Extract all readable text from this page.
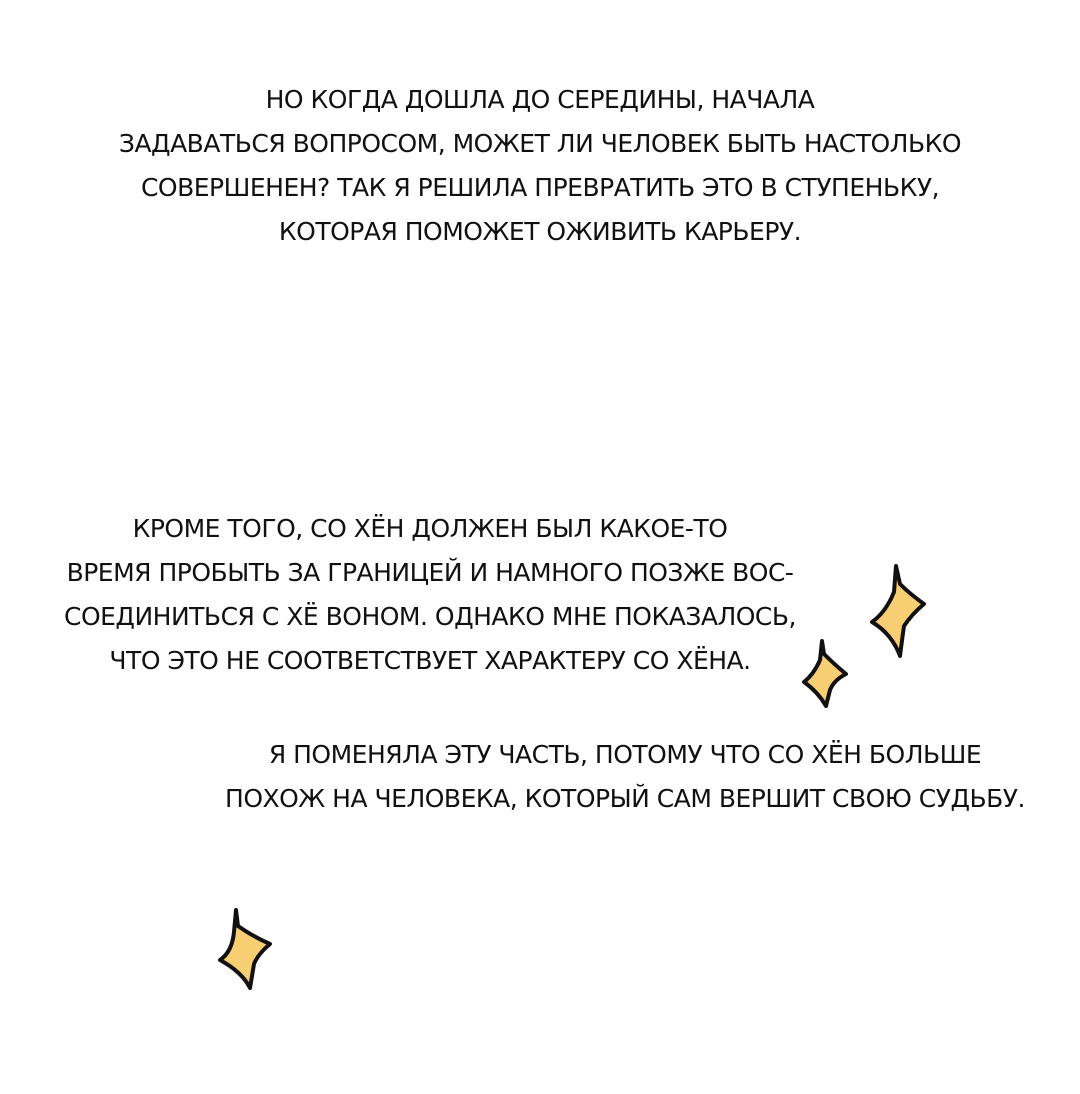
НО КОГДА ДОШЛА ДО СЕРЕДИНЫ, НАЧАЛА
ЗАДАВАТЬСЯ ВОПРОСОМ, МОЖЕТ ЛИ ЧЕЛОВЕК БЫТЬ НАСТОЛЬКО
СОВЕРШЕНЕН? ТАК Я РЕШИЛА ПРЕВРАТИТЬ ЭТО В СТУПЕНЬКУ,
КОТОРАЯ ПОМОЖЕТ ОЖИВИТЬ КАРЬЕРУ.
КРОМЕ ТОГО, СО ХЁН ДОЛЖЕН БЫЛ КАКОЕ-ТО
ВРЕМЯ ПРОБЫТЬ ЗА ГРАНИЦЕЙ И НАМНОГО ПОЗЖЕ ВОС-
СОЕДИНИТЬСЯ С ХЁ ВОНОМ. ОДНАКО МНЕ ПОКАЗАЛОСЬ,
ЧТО ЭТО НЕ СООТВЕТСТВУЕТ ХАРАКТЕРУ СО ХЁНА.
Я ПОМЕНЯЛА ЭТУ ЧАСТЬ, ПОТОМУ ЧТО СО ХЁН БОЛЬШЕ
ПОХОЖ НА ЧЕЛОВЕКА, КОТОРЫЙ САМ ВЕРШИТ СВОЮ СУДЬБУ.
